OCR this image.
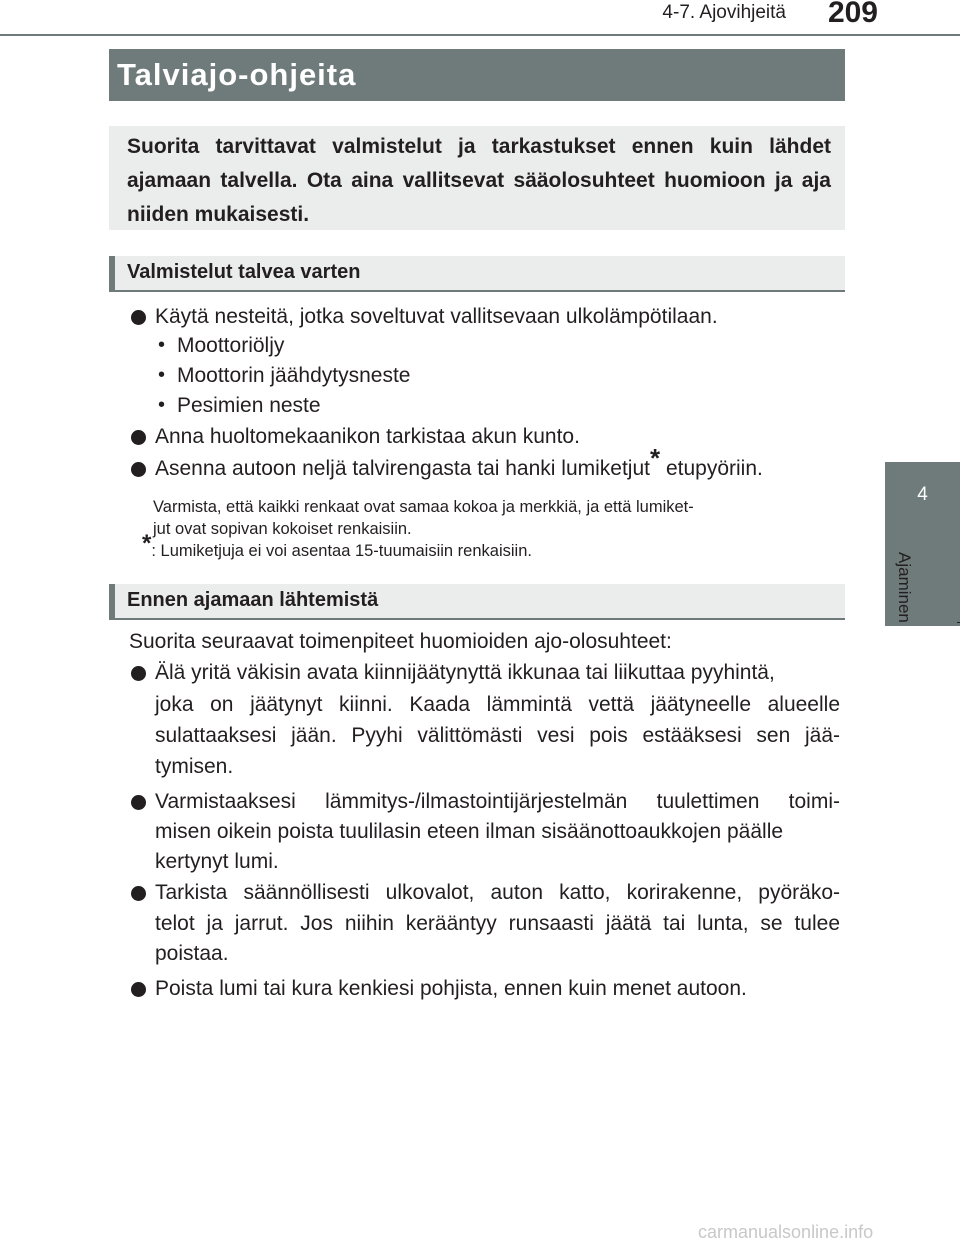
4-7. Ajovihjeitä	209
4
Ajaminen
Talviajo-ohjeita

Suorita tarvittavat valmistelut ja tarkastukset ennen kuin lähdet ajamaan talvella. Ota aina vallitsevat sääolosuhteet huomioon ja aja niiden mukaisesti.

Valmistelut talvea varten
Käytä nesteitä, jotka soveltuvat vallitsevaan ulkolämpötilaan.
• Moottoriöljy
• Moottorin jäähdytysneste
• Pesimien neste
Anna huoltomekaanikon tarkistaa akun kunto.
Asenna autoon neljä talvirengasta tai hanki lumiketjut* etupyöriin.
Varmista, että kaikki renkaat ovat samaa kokoa ja merkkiä, ja että lumiket-
jut ovat sopivan kokoiset renkaisiin.
*: Lumiketjuja ei voi asentaa 15-tuumaisiin renkaisiin.
Ennen ajamaan lähtemistä
Suorita seuraavat toimenpiteet huomioiden ajo-olosuhteet:
Älä yritä väkisin avata kiinnijäätynyttä ikkunaa tai liikuttaa pyyhintä,
joka on jäätynyt kiinni. Kaada lämmintä vettä jäätyneelle alueelle
sulattaaksesi jään. Pyyhi välittömästi vesi pois estääksesi sen jää-
tymisen.
Varmistaaksesi lämmitys-/ilmastointijärjestelmän tuulettimen toimi-
misen oikein poista tuulilasin eteen ilman sisäänottoaukkojen päälle
kertynyt lumi.
Tarkista säännöllisesti ulkovalot, auton katto, korirakenne, pyöräko-
telot ja jarrut. Jos niihin kerääntyy runsaasti jäätä tai lunta, se tulee
poistaa.
Poista lumi tai kura kenkiesi pohjista, ennen kuin menet autoon.
carmanualsonline.info
